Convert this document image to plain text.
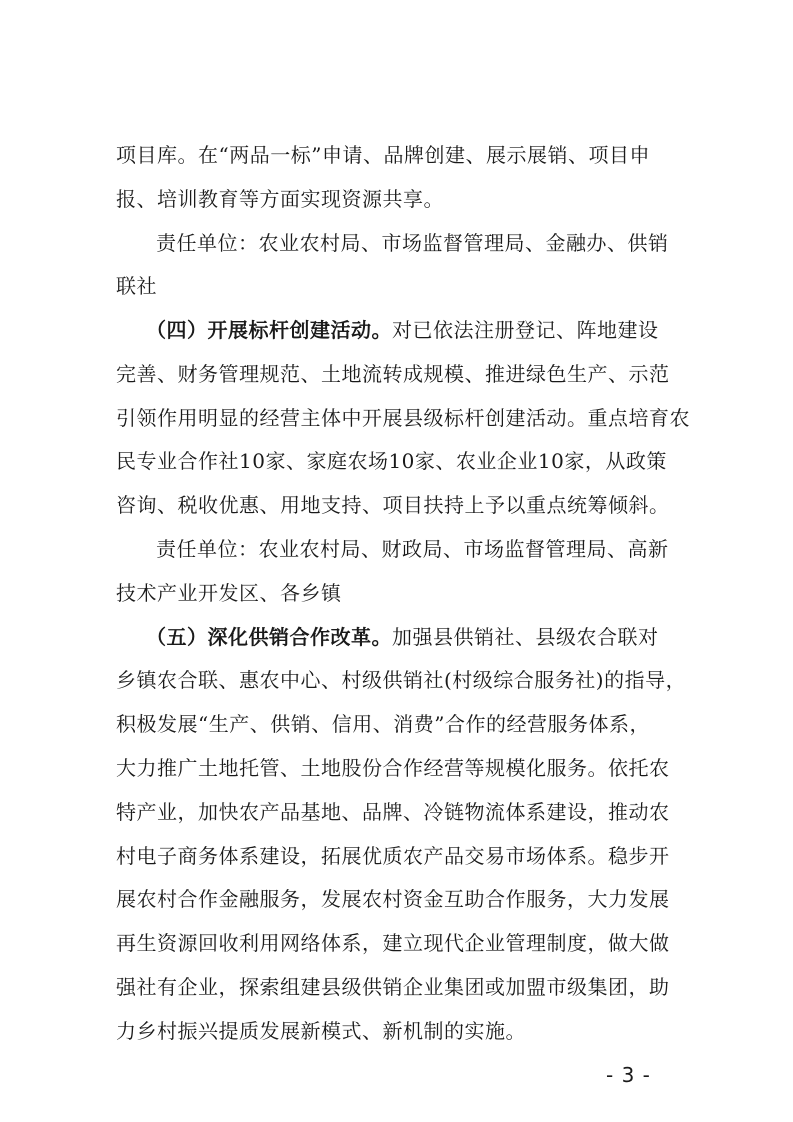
项目库。在“两品一标”申请、品牌创建、展示展销、项目申
报、培训教育等方面实现资源共享。
责任单位：农业农村局、市场监督管理局、金融办、供销
联社
（四）开展标杆创建活动。对已依法注册登记、阵地建设
完善、财务管理规范、土地流转成规模、推进绿色生产、示范
引领作用明显的经营主体中开展县级标杆创建活动。重点培育农
民专业合作社10家、家庭农场10家、农业企业10家，从政策
咨询、税收优惠、用地支持、项目扶持上予以重点统筹倾斜。
责任单位：农业农村局、财政局、市场监督管理局、高新
技术产业开发区、各乡镇
（五）深化供销合作改革。加强县供销社、县级农合联对
乡镇农合联、惠农中心、村级供销社(村级综合服务社)的指导，
积极发展“生产、供销、信用、消费”合作的经营服务体系，
大力推广土地托管、土地股份合作经营等规模化服务。依托农
特产业，加快农产品基地、品牌、冷链物流体系建设，推动农
村电子商务体系建设，拓展优质农产品交易市场体系。稳步开
展农村合作金融服务，发展农村资金互助合作服务，大力发展
再生资源回收利用网络体系，建立现代企业管理制度，做大做
强社有企业，探索组建县级供销企业集团或加盟市级集团，助
力乡村振兴提质发展新模式、新机制的实施。
- 3 -
